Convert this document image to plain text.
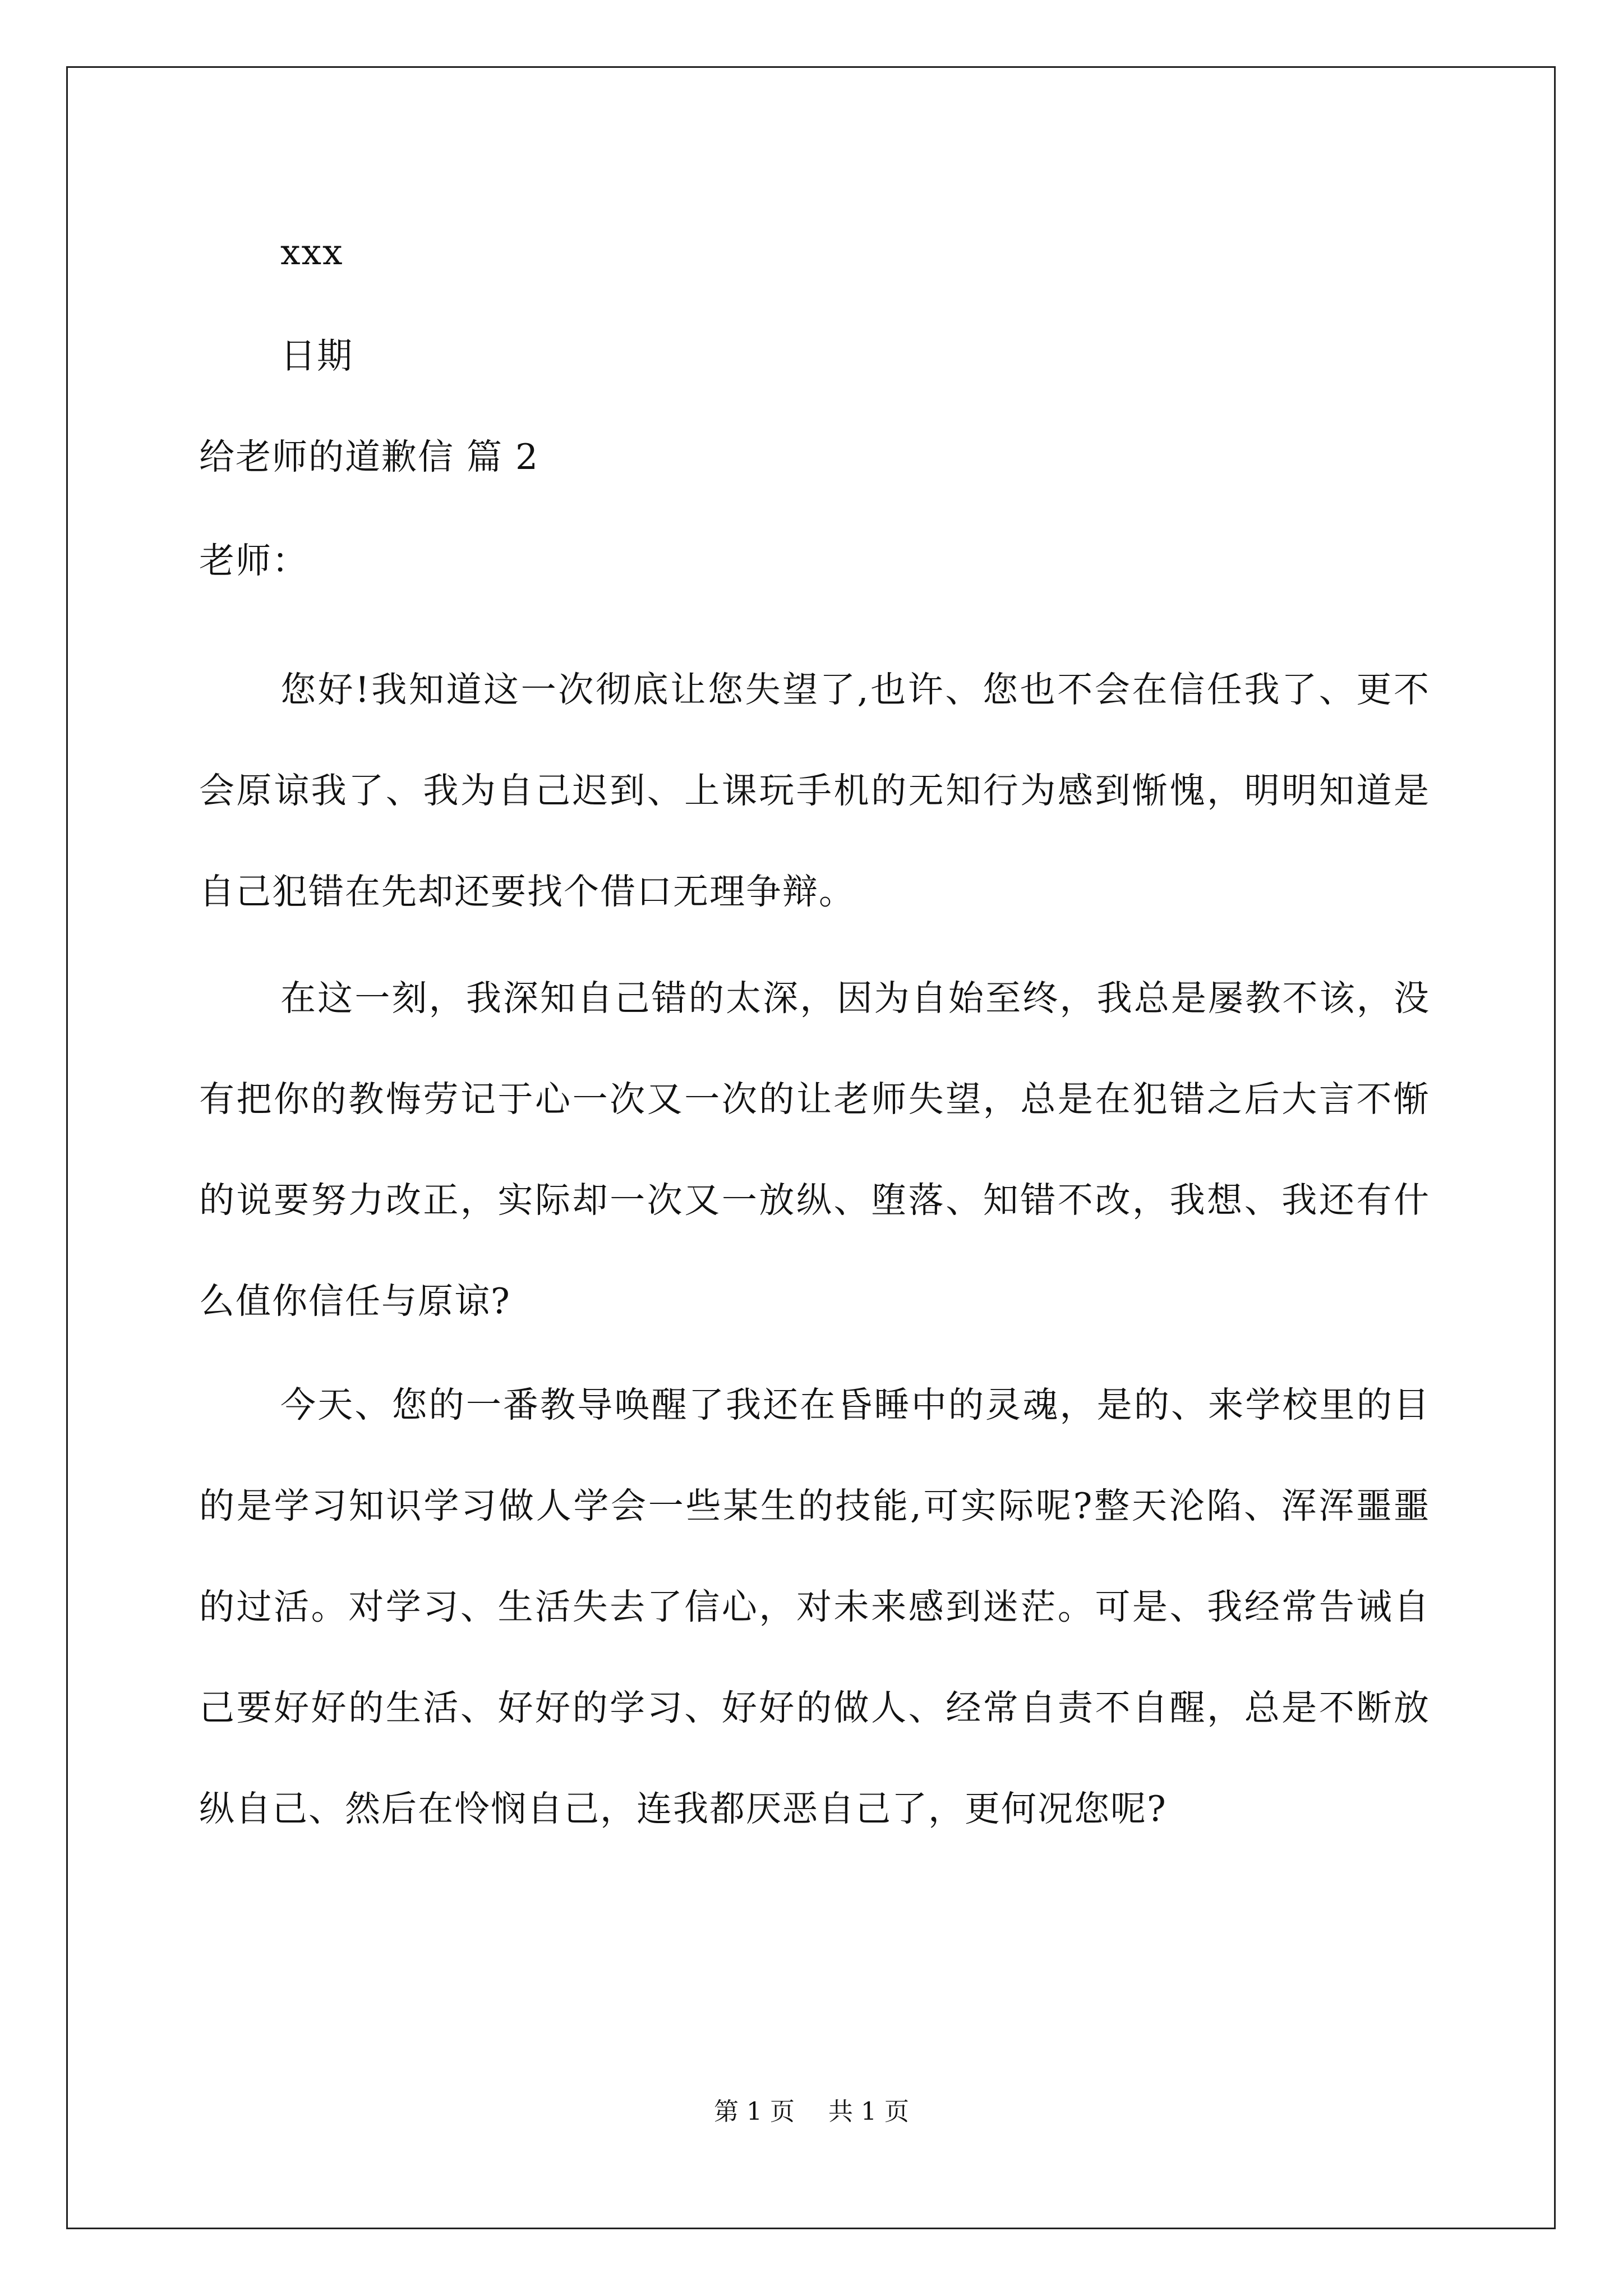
xxx
日期
给老师的道歉信 篇 2
老师：

您好!我知道这一次彻底让您失望了,也许、您也不会在信任我了、更不会原谅我了、我为自己迟到、上课玩手机的无知行为感到惭愧，明明知道是自己犯错在先却还要找个借口无理争辩。

在这一刻，我深知自己错的太深，因为自始至终，我总是屡教不该，没有把你的教悔劳记于心一次又一次的让老师失望，总是在犯错之后大言不惭的说要努力改正，实际却一次又一放纵、堕落、知错不改，我想、我还有什么值你信任与原谅?

今天、您的一番教导唤醒了我还在昏睡中的灵魂，是的、来学校里的目的是学习知识学习做人学会一些某生的技能,可实际呢?整天沦陷、浑浑噩噩的过活。对学习、生活失去了信心，对未来感到迷茫。可是、我经常告诫自己要好好的生活、好好的学习、好好的做人、经常自责不自醒，总是不断放纵自己、然后在怜悯自己，连我都厌恶自己了，更何况您呢?

第 1 页 共 1 页
